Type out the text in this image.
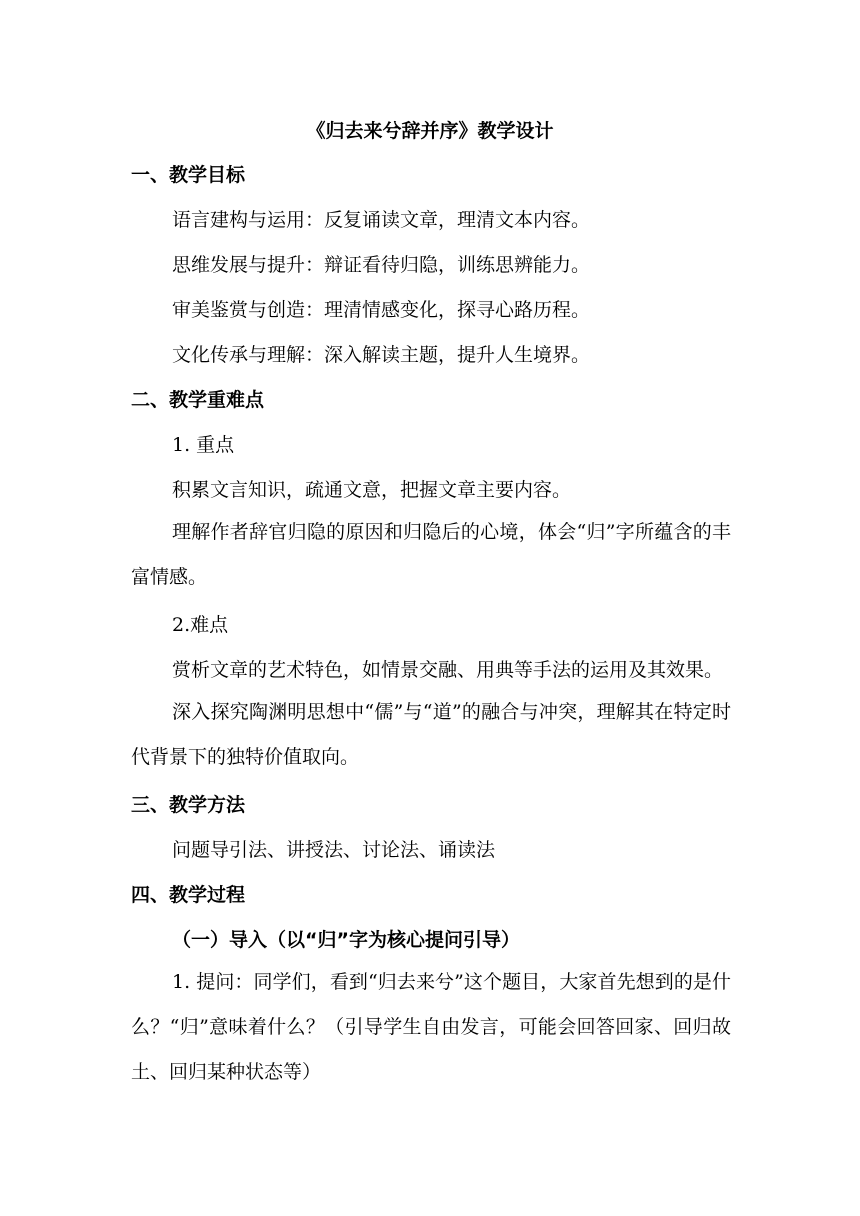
《归去来兮辞并序》教学设计
一、教学目标
语言建构与运用：反复诵读文章，理清文本内容。
思维发展与提升：辩证看待归隐，训练思辨能力。
审美鉴赏与创造：理清情感变化，探寻心路历程。
文化传承与理解：深入解读主题，提升人生境界。
二、教学重难点
1. 重点
积累文言知识，疏通文意，把握文章主要内容。
理解作者辞官归隐的原因和归隐后的心境，体会“归”字所蕴含的丰富情感。
2.难点
赏析文章的艺术特色，如情景交融、用典等手法的运用及其效果。
深入探究陶渊明思想中“儒”与“道”的融合与冲突，理解其在特定时代背景下的独特价值取向。
三、教学方法
问题导引法、讲授法、讨论法、诵读法
四、教学过程
（一）导入（以“归”字为核心提问引导）
1. 提问：同学们，看到“归去来兮”这个题目，大家首先想到的是什么？“归”意味着什么？（引导学生自由发言，可能会回答回家、回归故土、回归某种状态等）
